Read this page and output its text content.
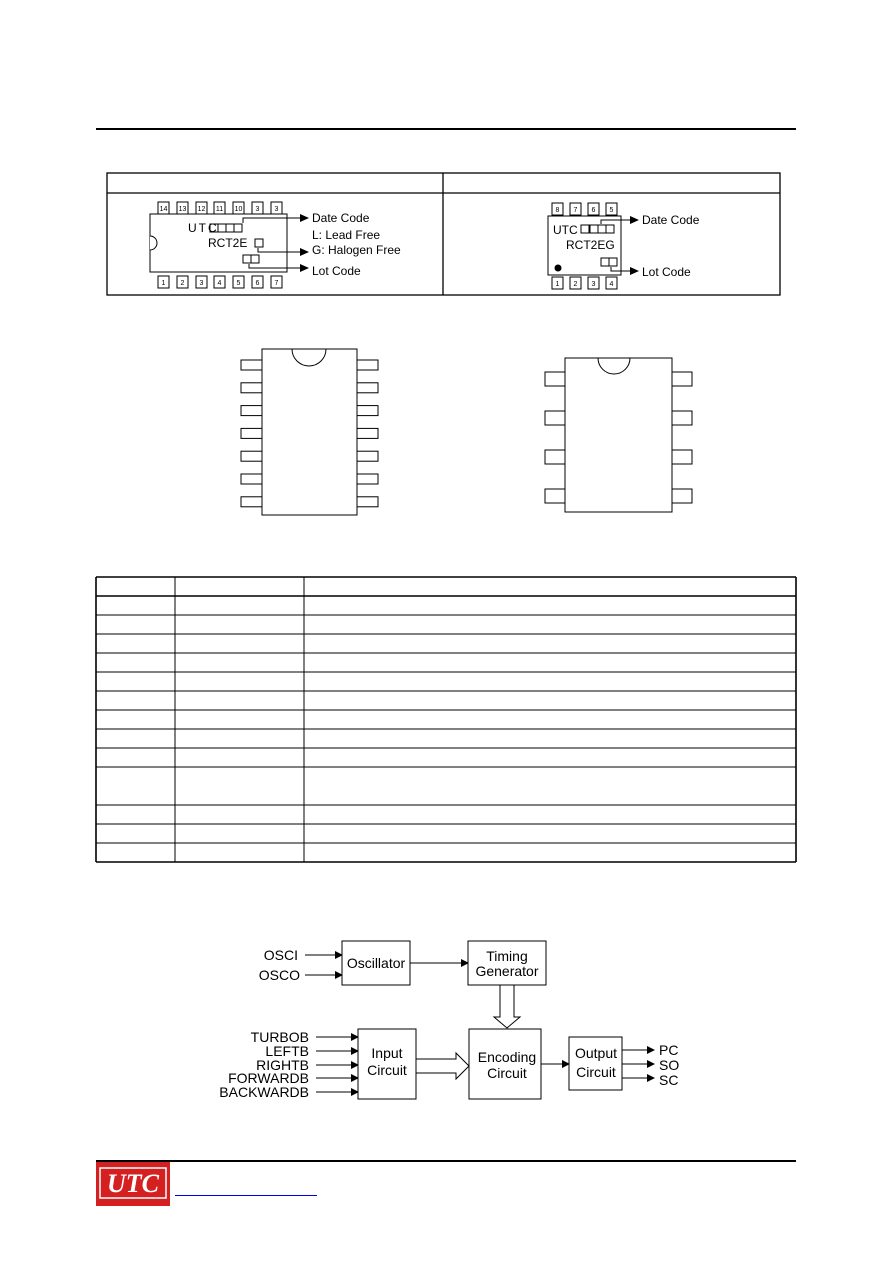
14 13 12 11 10 3 3
1 2 3 4 5 6 7
UTC
RCT2E
Date Code
L: Lead Free
G: Halogen Free
Lot Code
8 7 6 5
1 2 3 4
UTC
RCT2EG
Date Code
Lot Code
OSCI
OSCO
Oscillator	Timing
Generator
TURBOB
LEFTB
RIGHTB
FORWARDB
BACKWARDB
Input
Circuit
Encoding
Circuit
Output
Circuit
PC
SO
SC
UTC
